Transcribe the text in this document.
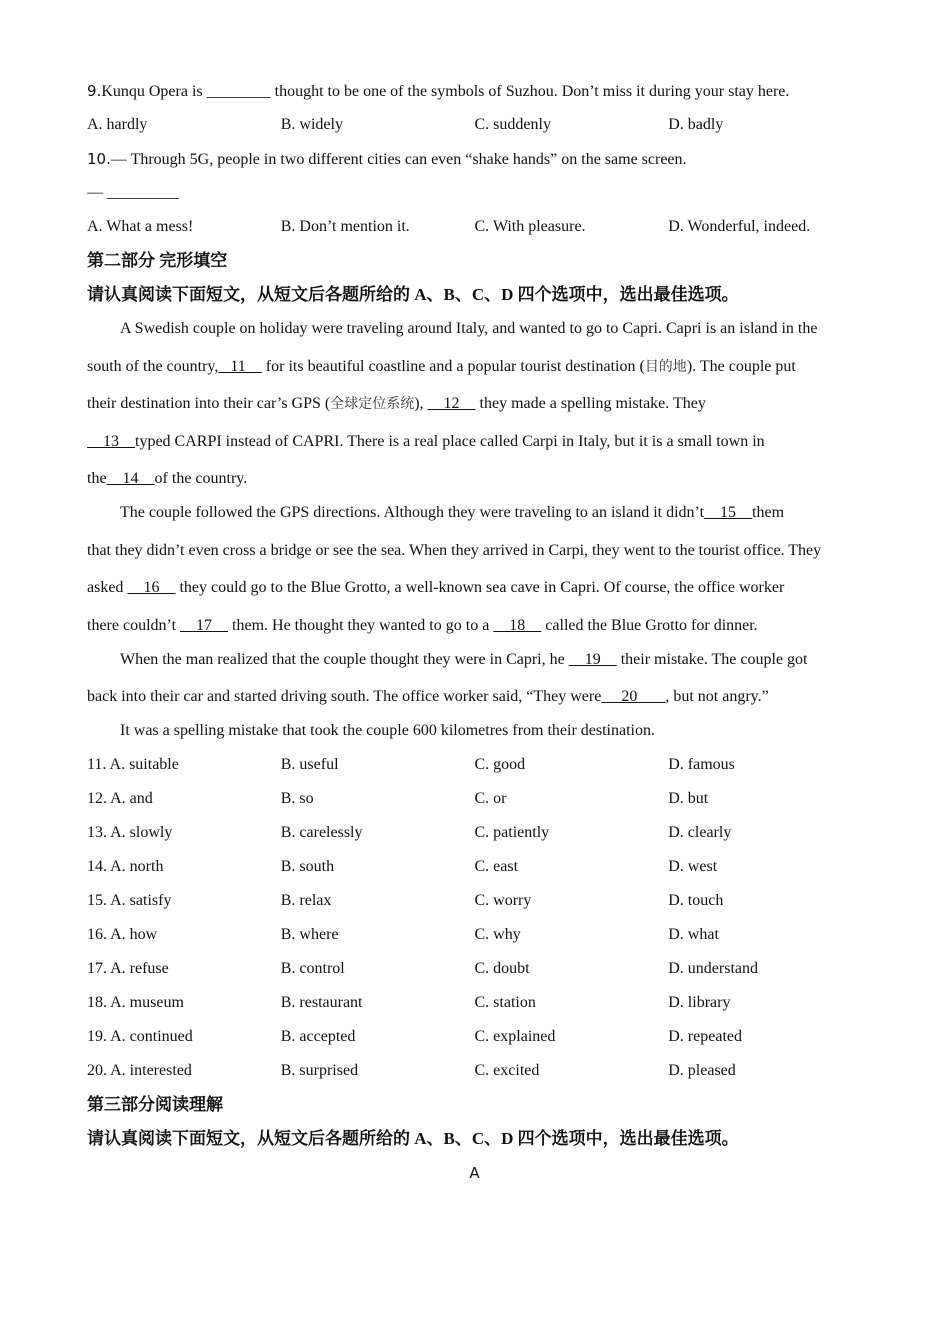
9.Kunqu Opera is ________ thought to be one of the symbols of Suzhou. Don’t miss it during your stay here.
A. hardly	B. widely	C. suddenly	D. badly
10.— Through 5G, people in two different cities can even “shake hands” on the same screen.
— _________
A. What a mess!	B. Don’t mention it.	C. With pleasure.	D. Wonderful, indeed.
第二部分 完形填空
请认真阅读下面短文，从短文后各题所给的 A、B、C、D 四个选项中，选出最佳选项。
A Swedish couple on holiday were traveling around Italy, and wanted to go to Capri. Capri is an island in the
south of the country,   11     for its beautiful coastline and a popular tourist destination (目的地). The couple put
their destination into their car’s GPS (全球定位系统),     12     they made a spelling mistake. They
13    typed CARPI instead of CAPRI. There is a real place called Carpi in Italy, but it is a small town in
the    14    of the country.
The couple followed the GPS directions. Although they were traveling to an island it didn’t    15    them
that they didn’t even cross a bridge or see the sea. When they arrived in Carpi, they went to the tourist office. They
asked     16     they could go to the Blue Grotto, a well-known sea cave in Capri. Of course, the office worker
there couldn’t     17     them. He thought they wanted to go to a     18     called the Blue Grotto for dinner.
When the man realized that the couple thought they were in Capri, he     19     their mistake. The couple got
back into their car and started driving south. The office worker said, “They were     20       , but not angry.”
It was a spelling mistake that took the couple 600 kilometres from their destination.
11. A. suitable	B. useful	C. good	D. famous
12. A. and	B. so	C. or	D. but
13. A. slowly	B. carelessly	C. patiently	D. clearly
14. A. north	B. south	C. east	D. west
15. A. satisfy	B. relax	C. worry	D. touch
16. A. how	B. where	C. why	D. what
17. A. refuse	B. control	C. doubt	D. understand
18. A. museum	B. restaurant	C. station	D. library
19. A. continued	B. accepted	C. explained	D. repeated
20. A. interested	B. surprised	C. excited	D. pleased
第三部分阅读理解
请认真阅读下面短文，从短文后各题所给的 A、B、C、D 四个选项中，选出最佳选项。
A
